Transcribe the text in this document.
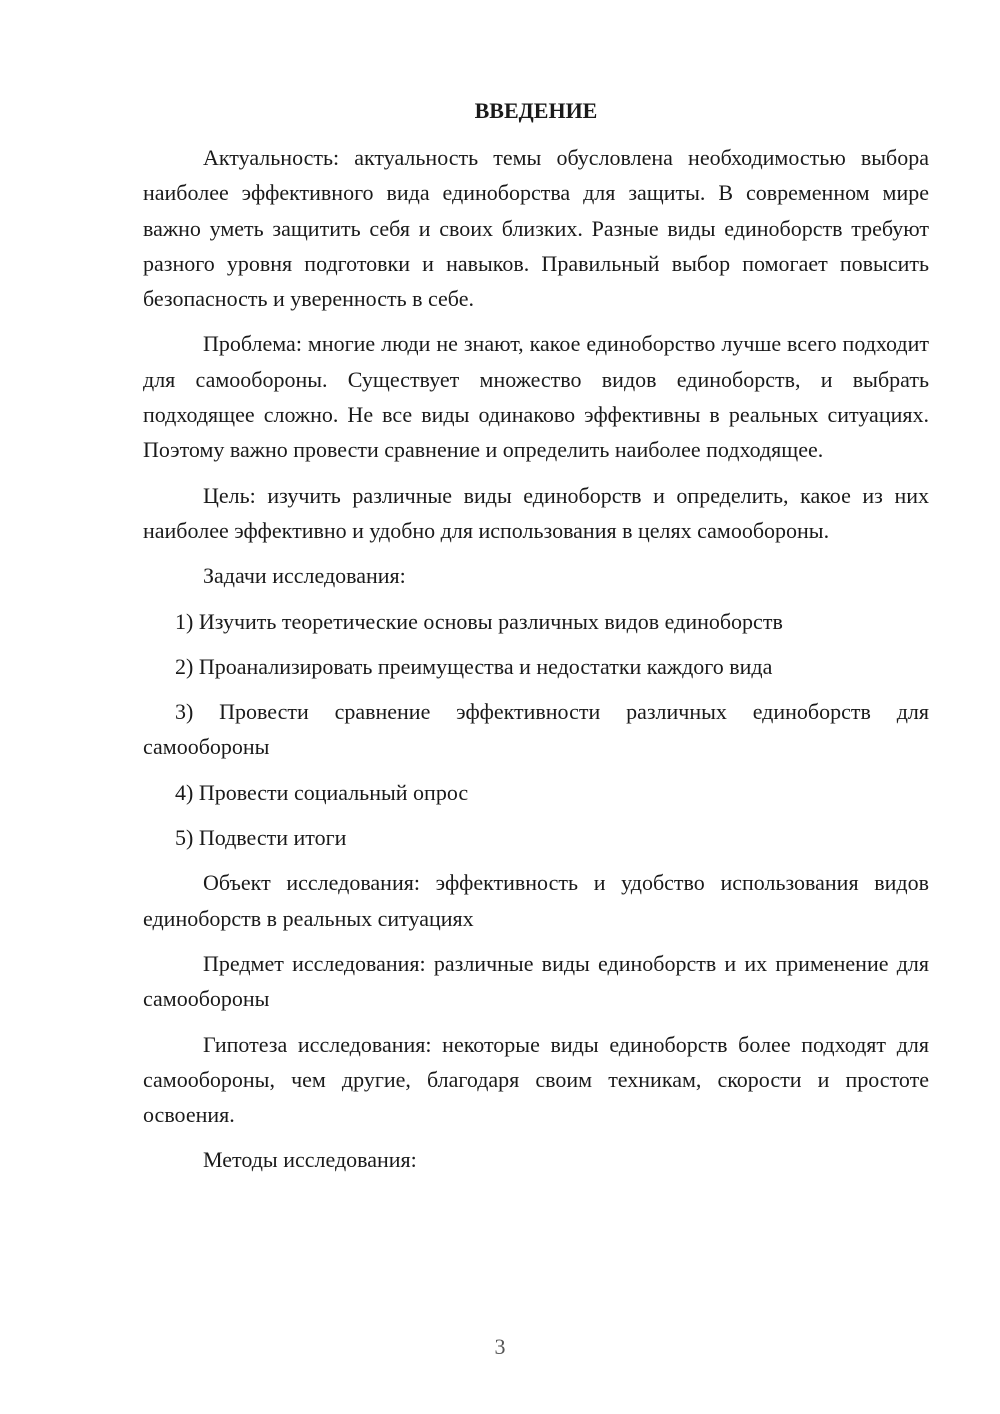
ВВЕДЕНИЕ

Актуальность: актуальность темы обусловлена необходимостью выбора наиболее эффективного вида единоборства для защиты. В современном мире важно уметь защитить себя и своих близких. Разные виды единоборств требуют разного уровня подготовки и навыков. Правильный выбор помогает повысить безопасность и уверенность в себе.

Проблема: многие люди не знают, какое единоборство лучше всего подходит для самообороны. Существует множество видов единоборств, и выбрать подходящее сложно. Не все виды одинаково эффективны в реальных ситуациях. Поэтому важно провести сравнение и определить наиболее подходящее.

Цель: изучить различные виды единоборств и определить, какое из них наиболее эффективно и удобно для использования в целях самообороны.

Задачи исследования:

1) Изучить теоретические основы различных видов единоборств

2) Проанализировать преимущества и недостатки каждого вида

3) Провести сравнение эффективности различных единоборств для самообороны

4) Провести социальный опрос

5) Подвести итоги

Объект исследования: эффективность и удобство использования видов единоборств в реальных ситуациях

Предмет исследования: различные виды единоборств и их применение для самообороны

Гипотеза исследования: некоторые виды единоборств более подходят для самообороны, чем другие, благодаря своим техникам, скорости и простоте освоения.

Методы исследования:

3
